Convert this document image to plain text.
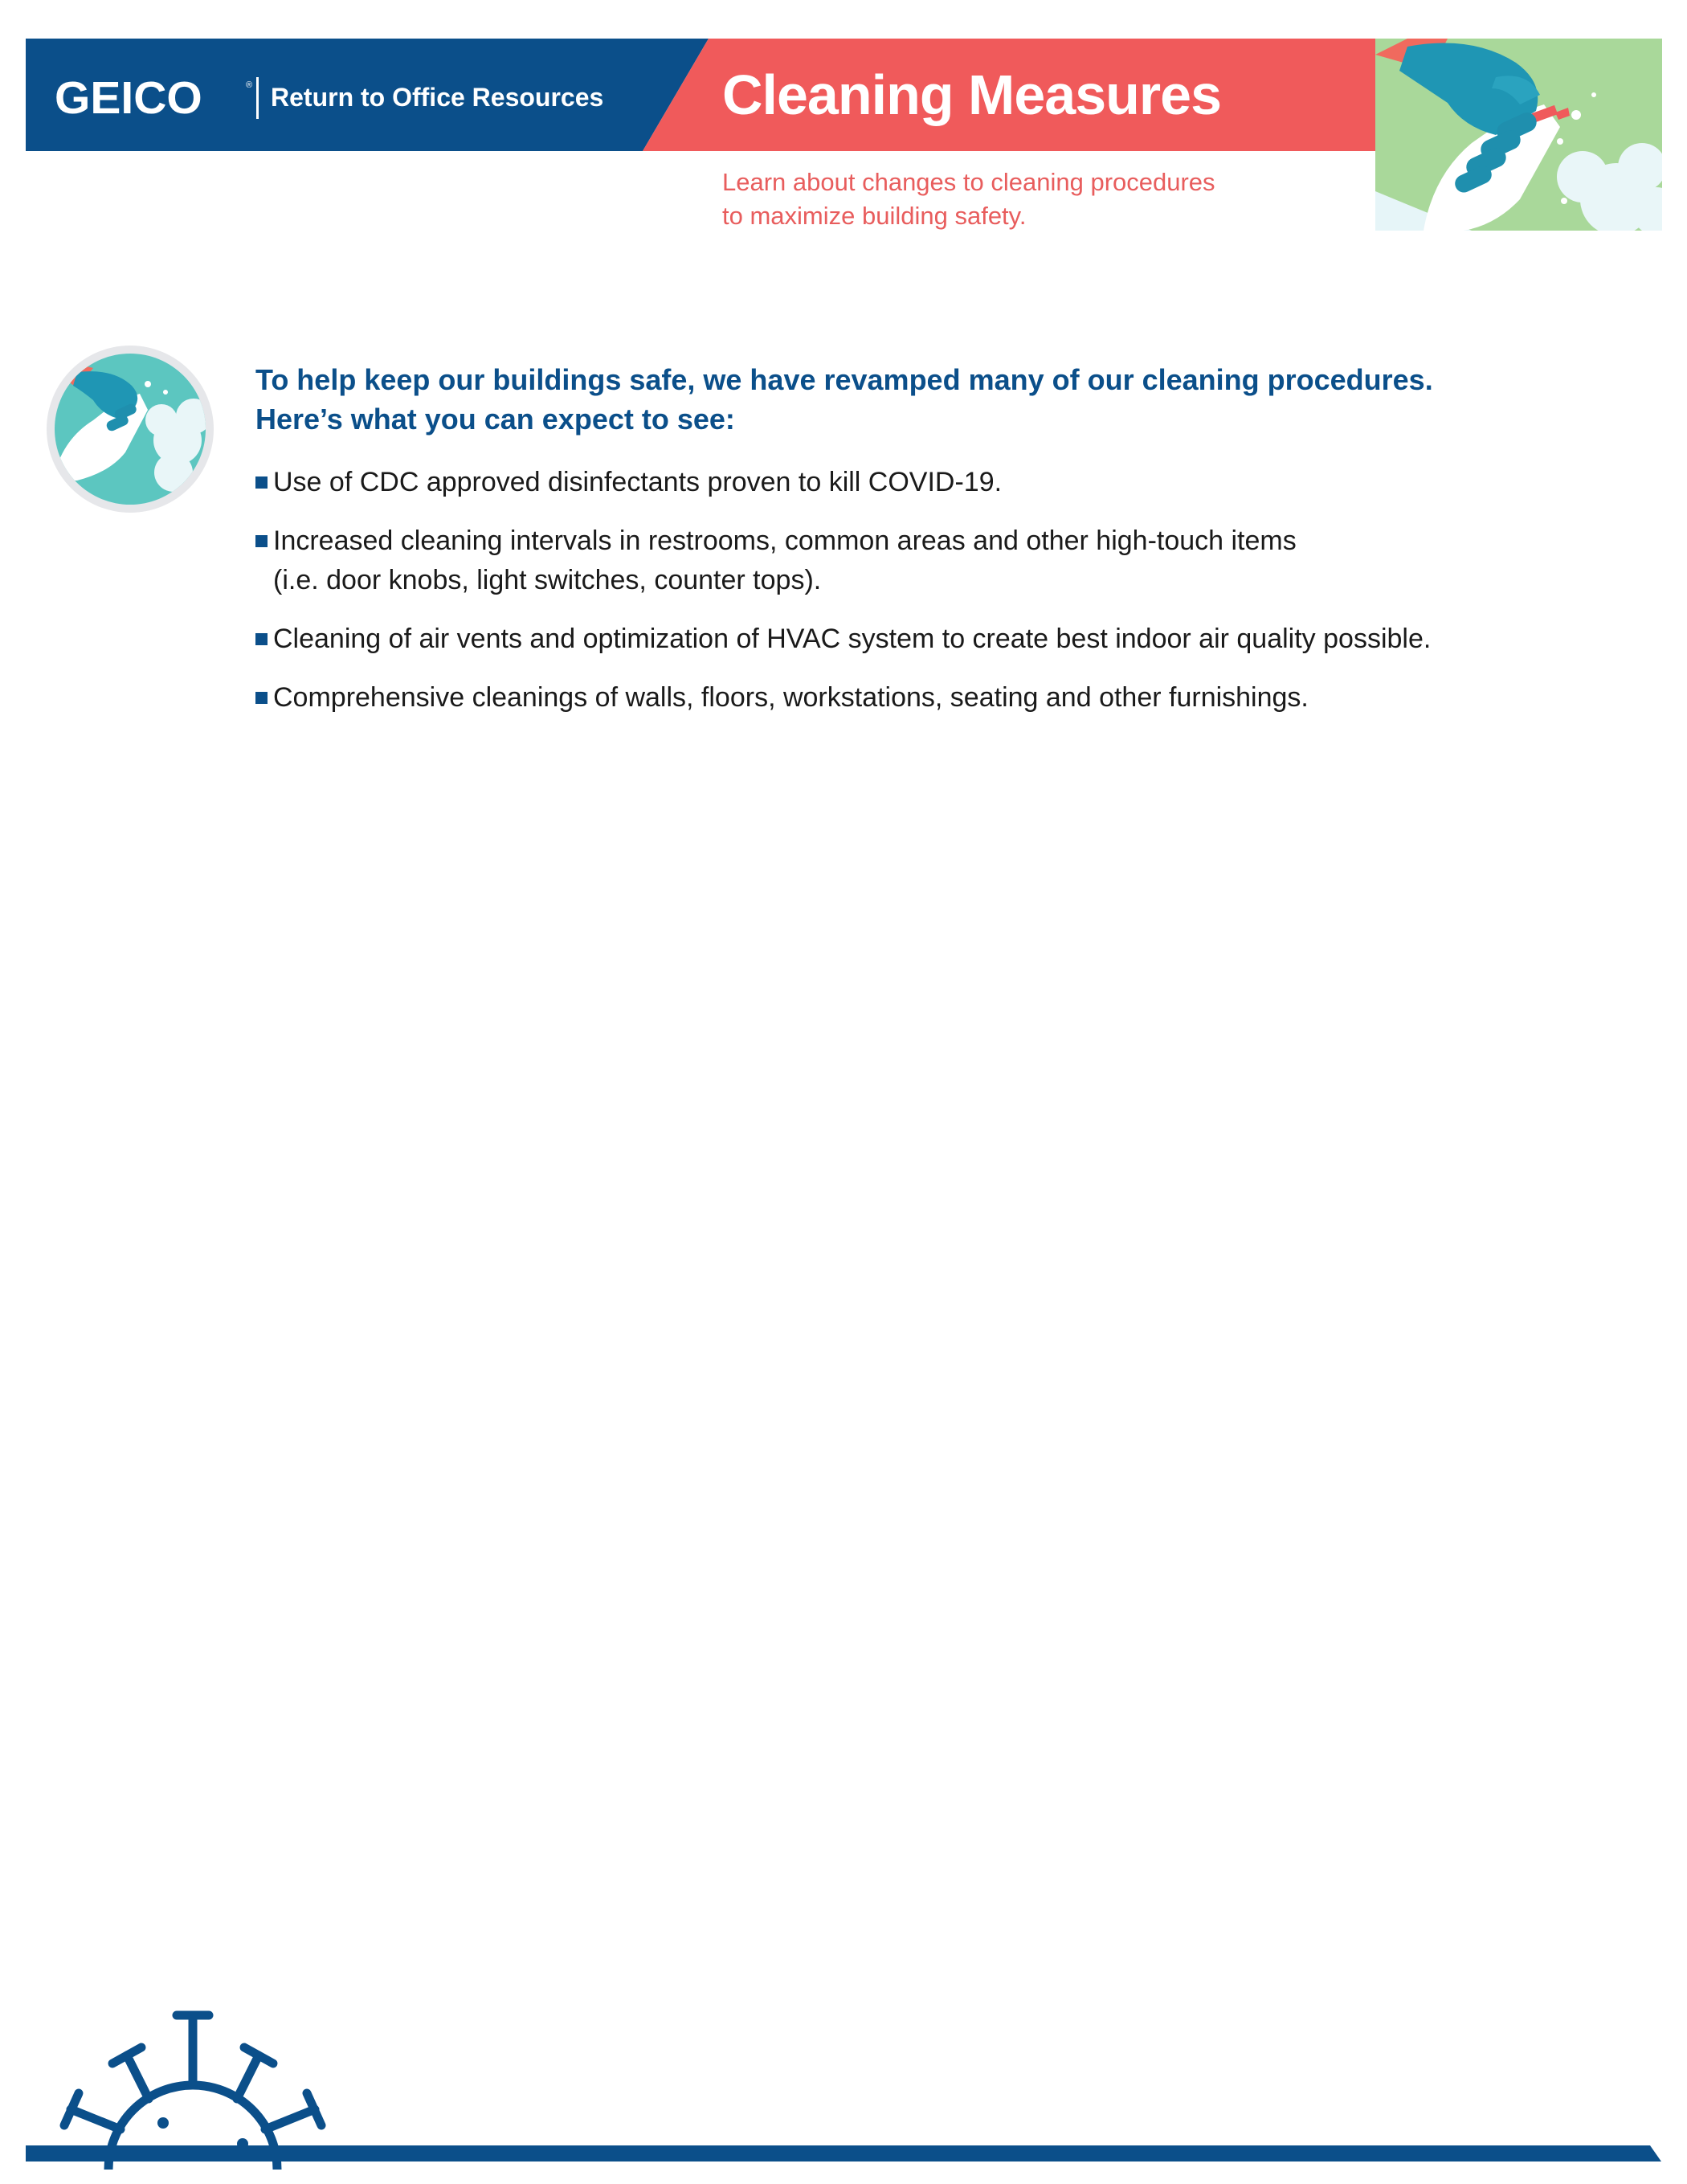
GEICO	® Return to Office Resources Cleaning Measures
Learn about changes to cleaning procedures
to maximize building safety.
To help keep our buildings safe, we have revamped many of our cleaning procedures.
Here’s what you can expect to see:
Use of CDC approved disinfectants proven to kill COVID-19.
Increased cleaning intervals in restrooms, common areas and other high-touch items
(i.e. door knobs, light switches, counter tops).
Cleaning of air vents and optimization of HVAC system to create best indoor air quality possible.
Comprehensive cleanings of walls, floors, workstations, seating and other furnishings.
